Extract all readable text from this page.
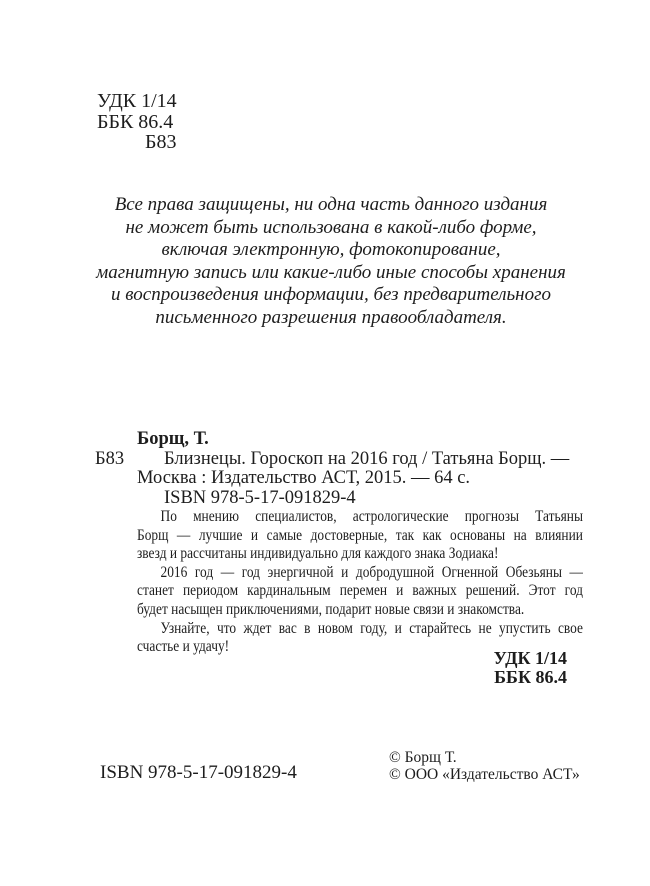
УДК 1/14
ББК 86.4
Б83
Все права защищены, ни одна часть данного издания
не может быть использована в какой-либо форме,
включая электронную, фотокопирование,
магнитную запись или какие-либо иные способы хранения
и воспроизведения информации, без предварительного
письменного разрешения правообладателя.
Борщ, Т.
Б83 Близнецы. Гороскоп на 2016 год / Татьяна Борщ. —
Москва : Издательство АСТ, 2015. — 64 с.
ISBN 978-5-17-091829-4
По мнению специалистов, астрологические прогнозы Татьяны
Борщ — лучшие и самые достоверные, так как основаны на влиянии
звезд и рассчитаны индивидуально для каждого знака Зодиака!
2016 год — год энергичной и добродушной Огненной Обезьяны —
станет периодом кардинальным перемен и важных решений. Этот год
будет насыщен приключениями, подарит новые связи и знакомства.
Узнайте, что ждет вас в новом году, и старайтесь не упустить свое
счастье и удачу!
УДК 1/14
ББК 86.4
ISBN 978-5-17-091829-4
© Борщ Т.
© ООО «Издательство АСТ»
